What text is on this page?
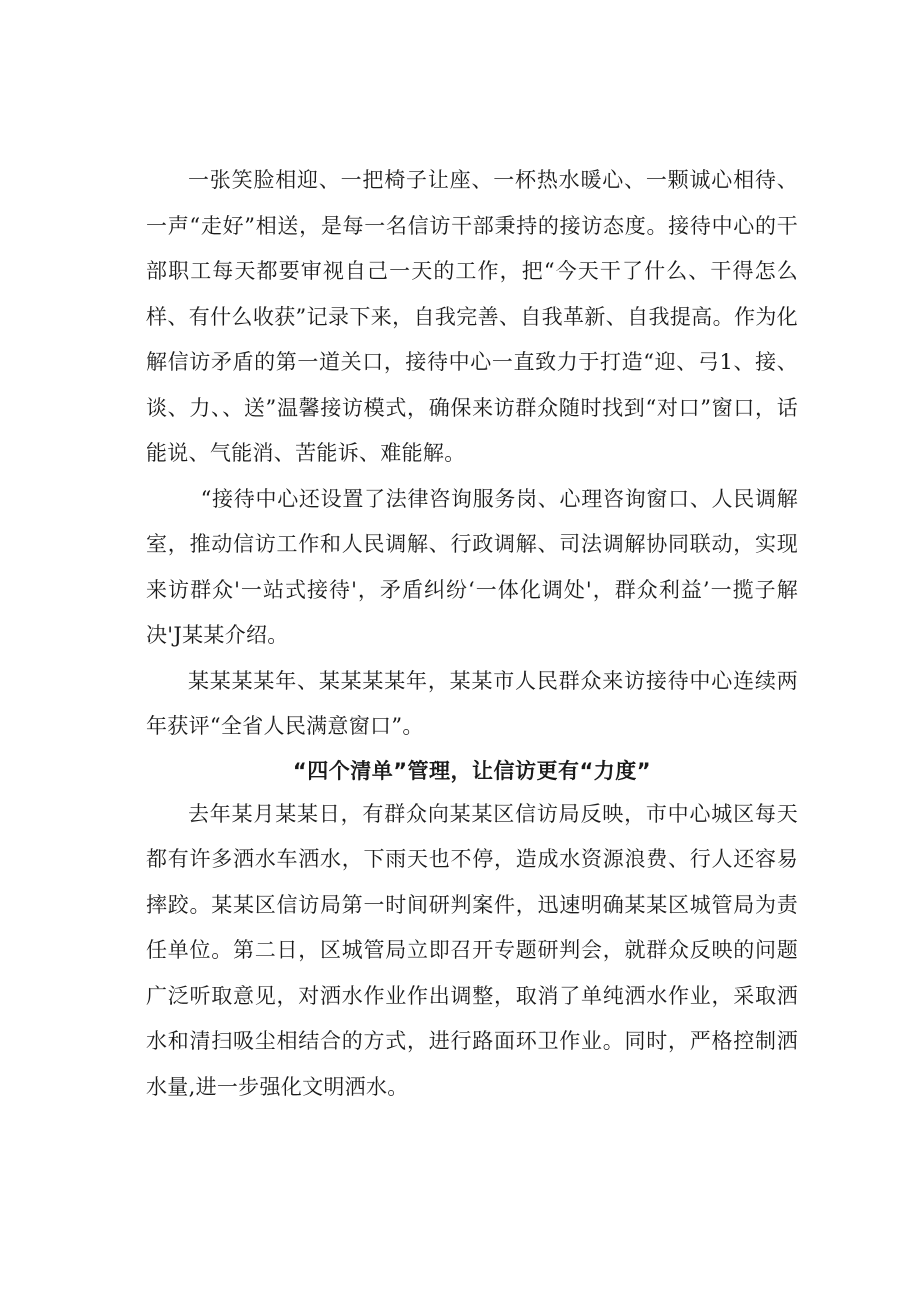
一张笑脸相迎、一把椅子让座、一杯热水暖心、一颗诚心相待、一声“走好”相送，是每一名信访干部秉持的接访态度。接待中心的干部职工每天都要审视自己一天的工作，把“今天干了什么、干得怎么样、有什么收获”记录下来，自我完善、自我革新、自我提高。作为化解信访矛盾的第一道关口，接待中心一直致力于打造“迎、弓1、接、谈、力、、送”温馨接访模式，确保来访群众随时找到“对口”窗口，话能说、气能消、苦能诉、难能解。

“接待中心还设置了法律咨询服务岗、心理咨询窗口、人民调解室，推动信访工作和人民调解、行政调解、司法调解协同联动，实现来访群众'一站式接待'，矛盾纠纷‘一体化调处'，群众利益’一揽子解决'J某某介绍。

某某某某年、某某某某年，某某市人民群众来访接待中心连续两年获评“全省人民满意窗口”。

“四个清单”管理，让信访更有“力度”

去年某月某某日，有群众向某某区信访局反映，市中心城区每天都有许多洒水车洒水，下雨天也不停，造成水资源浪费、行人还容易摔跤。某某区信访局第一时间研判案件，迅速明确某某区城管局为责任单位。第二日，区城管局立即召开专题研判会，就群众反映的问题广泛听取意见，对洒水作业作出调整，取消了单纯洒水作业，采取洒水和清扫吸尘相结合的方式，进行路面环卫作业。同时，严格控制洒水量,进一步强化文明洒水。
